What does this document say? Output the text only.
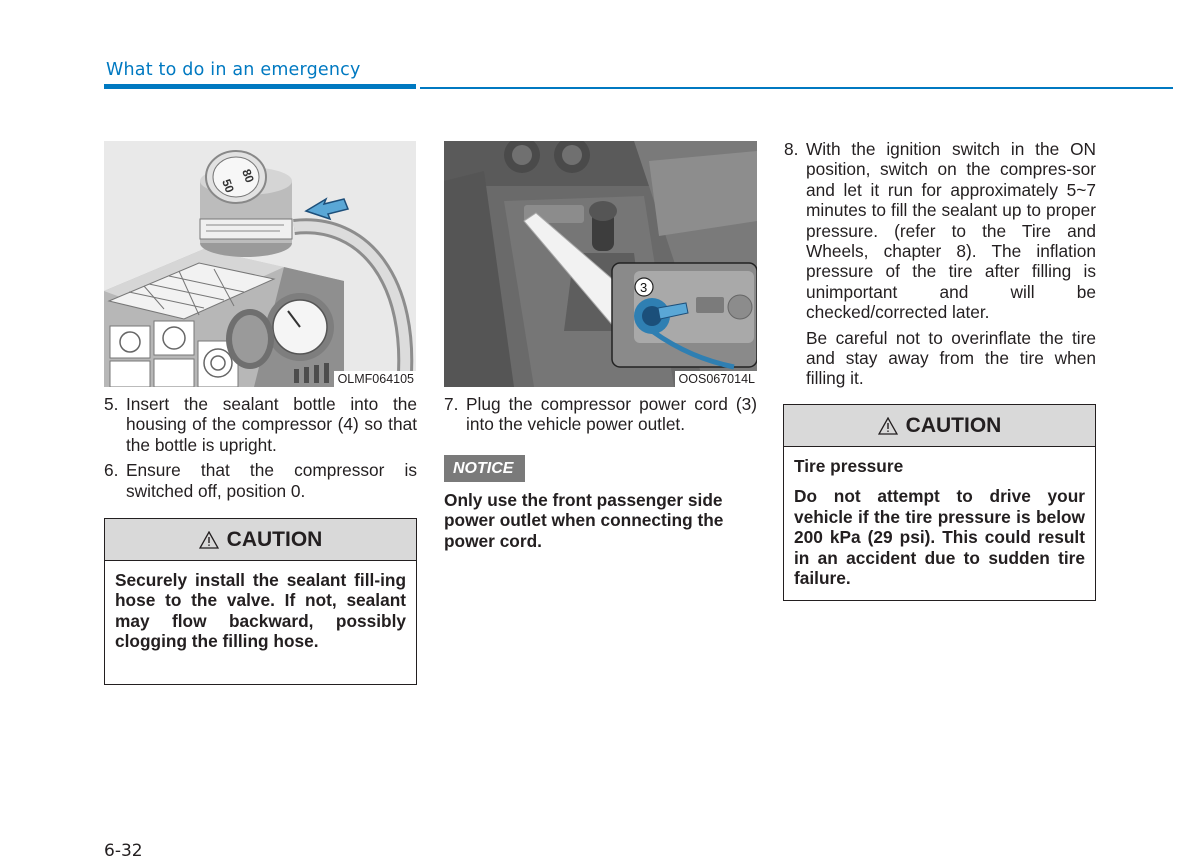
What to do in an emergency
80
50
OLMF064105
3
OOS067014L
5. Insert the sealant bottle into the housing of the compressor (4) so that the bottle is upright.
6. Ensure that the compressor is switched off, position 0.
CAUTION
Securely install the sealant fill-ing hose to the valve. If not, sealant may flow backward, possibly clogging the filling hose.
7. Plug the compressor power cord (3) into the vehicle power outlet.
NOTICE
Only use the front passenger side power outlet when connecting the power cord.
8. With the ignition switch in the ON position, switch on the compres-sor and let it run for approximately 5~7 minutes to fill the sealant up to proper pressure. (refer to the Tire and Wheels, chapter 8). The inflation pressure of the tire after filling is unimportant and will be checked/corrected later.
Be careful not to overinflate the tire and stay away from the tire when filling it.
CAUTION
Tire pressure
Do not attempt to drive your vehicle if the tire pressure is below 200 kPa (29 psi). This could result in an accident due to sudden tire failure.
6-32
